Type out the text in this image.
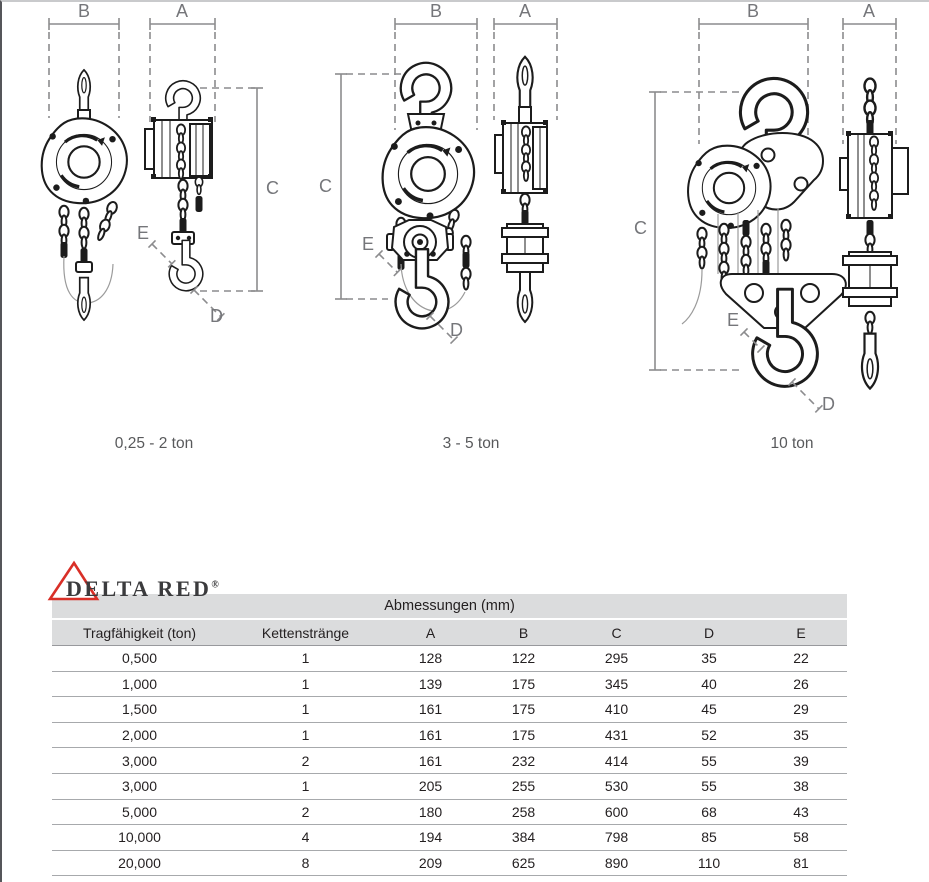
B	A
C
E
D
C
B	A
E
D
C
B	A
E
D
0,25 - 2 ton	3 - 5 ton	10 ton
DELTA RED®
Abmessungen (mm)						
Tragfähigkeit (ton)	Kettenstränge	A	B	C	D	E
0,500	1	128	122	295	35	22
1,000	1	139	175	345	40	26
1,500	1	161	175	410	45	29
2,000	1	161	175	431	52	35
3,000	2	161	232	414	55	39
3,000	1	205	255	530	55	38
5,000	2	180	258	600	68	43
10,000	4	194	384	798	85	58
20,000	8	209	625	890	110	81
